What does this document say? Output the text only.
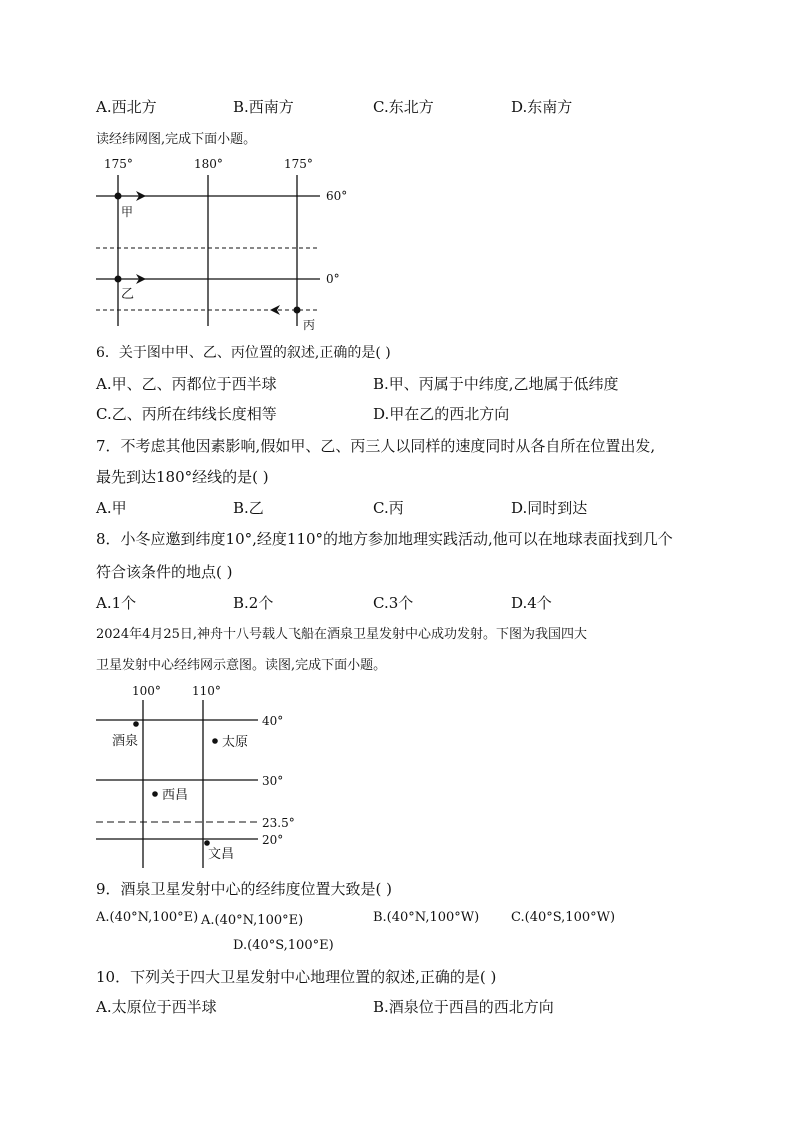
A.西北方	B.西南方	C.东北方	D.东南方
读经纬网图,完成下面小题。
175°	180°	175°
60°
0°
甲
乙
丙
6．关于图中甲、乙、丙位置的叙述,正确的是( )
A.甲、乙、丙都位于西半球	B.甲、丙属于中纬度,乙地属于低纬度
C.乙、丙所在纬线长度相等	D.甲在乙的西北方向
7．不考虑其他因素影响,假如甲、乙、丙三人以同样的速度同时从各自所在位置出发,
最先到达180°经线的是( )
A.甲	B.乙	C.丙	D.同时到达
8．小冬应邀到纬度10°,经度110°的地方参加地理实践活动,他可以在地球表面找到几个
符合该条件的地点( )
A.1个	B.2个	C.3个	D.4个
2024年4月25日,神舟十八号载人飞船在酒泉卫星发射中心成功发射。下图为我国四大
卫星发射中心经纬网示意图。读图,完成下面小题。
100°	110°
40°
30°
23.5°
20°
酒泉	太原
西昌
文昌
9．酒泉卫星发射中心的经纬度位置大致是( )
A.(40°N,100°E) A.(40°N,100°E)	B.(40°N,100°W) C.(40°S,100°W)
D.(40°S,100°E)
10．下列关于四大卫星发射中心地理位置的叙述,正确的是( )
A.太原位于西半球	B.酒泉位于西昌的西北方向
